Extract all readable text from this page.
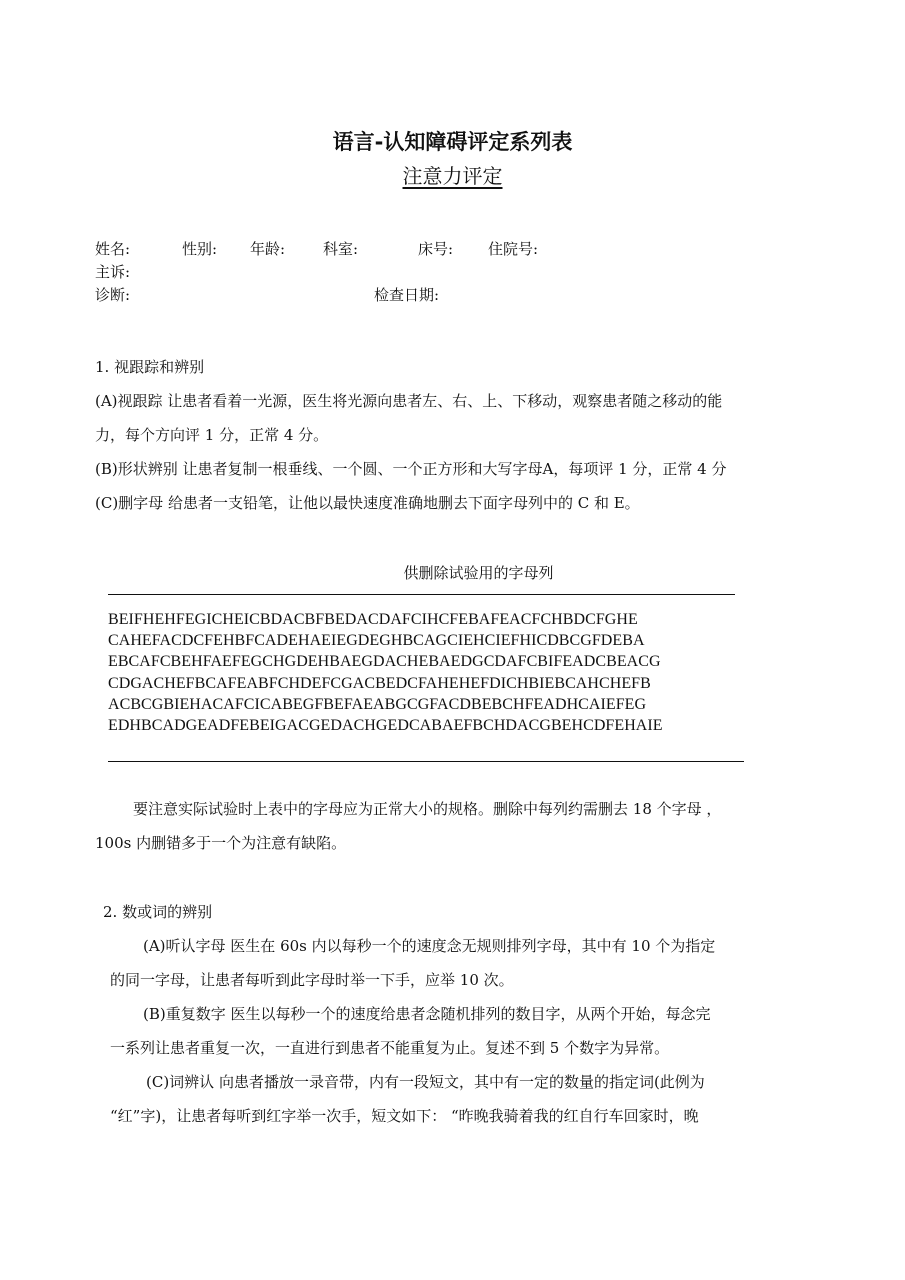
语言-认知障碍评定系列表
注意力评定
姓名:	性别: 年龄:	科室:	床号: 住院号:
主诉:
诊断:	检查日期:
1. 视跟踪和辨别
(A)视跟踪 让患者看着一光源，医生将光源向患者左、右、上、下移动，观察患者随之移动的能
力，每个方向评 1 分，正常 4 分。
(B)形状辨别 让患者复制一根垂线、一个圆、一个正方形和大写字母A，每项评 1 分，正常 4 分
(C)删字母 给患者一支铅笔，让他以最快速度准确地删去下面字母列中的 C 和 E。
供删除试验用的字母列
BEIFHEHFEGICHEICBDACBFBEDACDAFCIHCFEBAFEACFCHBDCFGHE
CAHEFACDCFEHBFCADEHAEIEGDEGHBCAGCIEHCIEFHICDBCGFDEBA
EBCAFCBEHFAEFEGCHGDEHBAEGDACHEBAEDGCDAFCBIFEADCBEACG
CDGACHEFBCAFEABFCHDEFCGACBEDCFAHEHEFDICHBIEBCAHCHEFB
ACBCGBIEHACAFCICABEGFBEFAEABGCGFACDBEBCHFEADHCAIEFEG
EDHBCADGEADFEBEIGACGEDACHGEDCABAEFBCHDACGBEHCDFEHAIE
要注意实际试验时上表中的字母应为正常大小的规格。删除中每列约需删去 18 个字母 ，
100s 内删错多于一个为注意有缺陷。
2. 数或词的辨别
(A)听认字母 医生在 60s 内以每秒一个的速度念无规则排列字母，其中有 10 个为指定
的同一字母，让患者每听到此字母时举一下手，应举 10 次。
(B)重复数字 医生以每秒一个的速度给患者念随机排列的数目字，从两个开始，每念完
一系列让患者重复一次，一直进行到患者不能重复为止。复述不到 5 个数字为异常。
(C)词辨认 向患者播放一录音带，内有一段短文，其中有一定的数量的指定词(此例为
“红”字)，让患者每听到红字举一次手，短文如下： “昨晚我骑着我的红自行车回家时，晚
